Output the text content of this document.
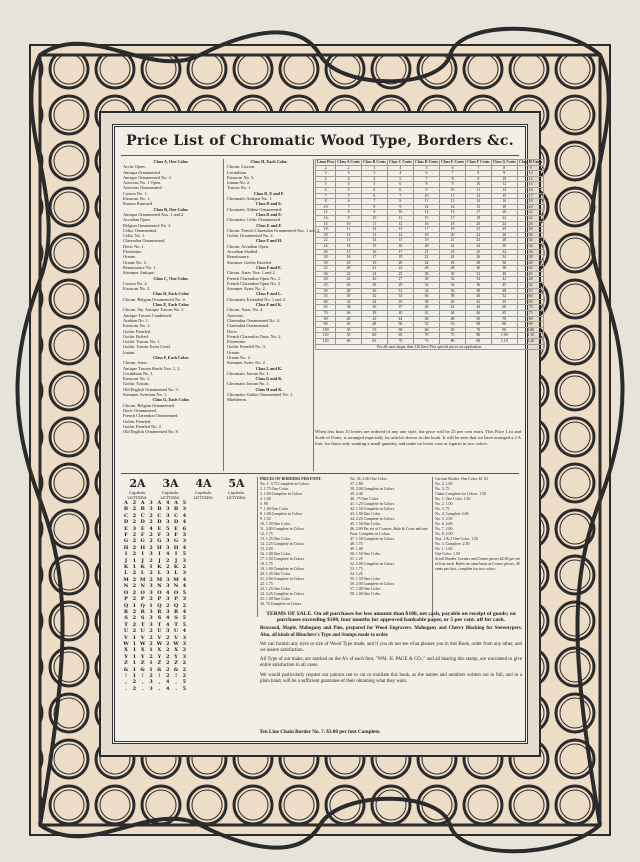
Price List of Chromatic Wood Type, Borders &c.
Class A, One Color.
Arctic Open.
Antiqua Ornamented.
Antique Ornamented No. 2.
Aztecian No. 1 Open.
Aztecian Ornamented.
Caxton No. 1.
Etruscan No. 1.
Roman Rimmed.
Class B, One Color.
Antiqua Ornamented Nos. 1 and 2.
Arcadian Open.
Belgian Ornamented No. 2.
Celtic Ornamented.
Celtic No. 1.
Clarendon Ornamented.
Doric No. 1.
Florentine.
Ornate.
Ornate No. 2.
Renaissance No. 1.
Streamer Antique.
Class C, One Color.
Caxton No. 2.
Etruscan No. 2.
Class D, Each Color.
Chrom. Belgian Ornamented No. 4.
Class E, Each Color.
Chrom. Sty. Antique Tuscan No. 2.
Antique Tuscan Condensed.
Arabian No. 1.
Etruscan No. 1.
Gothic Paneled.
Gothic Bolted.
Gothic Tuscan No. 1.
Gothic Tuscan Extra Cond.
Ionian.
Class F, Each Color.
Chrom. Aztec.
Antique Tuscan Shade Nos. 1, 2.
Corinthian No. 1.
Etruscan No. 1.
Gothic Tuscan.
Old English Ornamented No. 3.
Streamer Aztecian No. 1.
Class G, Each Color.
Chrom. Belgian Ornamented.
Doric Ornamented.
French Clarendon Ornamented.
Gothic Paneled.
Gothic Paneled No. 2.
Old English Ornamented No. 8.
Class H, Each Color.
Chrom. Caxton.
Corinthian.
Etruscan No. 3.
Ionian No. 2.
Tuscan No. 1.
Class D, E and F.
Chromatic Antique No. 1.
Class D and E.
Chromatic Aldine Ornamented.
Class D and E.
Chromatic Celtic Ornamented.
Class E and F.
Chrom. French Clarendon Ornamented Nos. 1 and 2.
Gothic Ornamented No. 2.
Class F and H.
Chrom. Arcadian Open.
Arcadian Shaded.
Renaissance.
Streamer Gothic Paneled.
Class F and E.
Chrom. Aztec Nos. 1 and 2.
French Clarendon Open No. 1.
French Clarendon Open No. 2.
Streamer Aztec No. 2.
Class F and L.
Chromatic Extended No. 1 and 2.
Class F and K.
Chrom. Aztec No. 4.
Aztecian.
Clarendon Ornamented No. 4.
Clarendon Ornamented.
Doric.
French Clarendon Orna. No. 2.
Florentine.
Gothic Paneled No. 3.
Ornate.
Ornate No. 2.
Streamer Aztec No. 2.
Class L and K.
Chromatic Ionian No. 1.
Class G and K.
Chromatic Ionian No. 1.
Class H and K.
Chromatic Gothic Ornamented No. 1.
Marbleeon.
Lines Pica	Class A Cents	Class B Cents	Class C Cents	Class D Cents	Class E Cents	Class F Cents	Class G Cents	Class H Cents
2	2	3	4	5	6	7	8	9
3	3	3	4	6	7	8	9	10
4	4	4	5	7	8	9	10	12
5	4	5	6	8	9	10	12	14
6	5	6	6	9	10	11	14	16
7	5	6	7	10	11	12	15	17
8	6	7	8	11	12	14	16	18
10	7	8	9	12	14	15	18	20
12	8	9	10	14	15	17	20	22
14	9	10	11	15	17	19	22	24
16	10	11	12	16	18	20	24	26
18	11	12	13	17	19	21	25	28
20	12	13	14	18	20	22	26	30
22	13	14	15	19	21	23	28	32
24	14	15	16	20	22	24	30	34
26	15	16	17	21	23	25	32	36
28	16	17	18	22	24	26	34	38
30	18	19	20	24	26	28	36	40
32	20	21	22	26	28	30	38	42
36	22	24	25	28	30	32	40	45
40	24	26	27	30	32	34	42	48
45	26	28	29	32	34	36	45	52
50	28	30	31	34	36	38	48	55
55	30	32	33	36	38	40	52	60
60	32	34	35	38	40	42	55	65
65	34	36	37	40	42	44	60	70
70	36	38	40	42	44	46	65	75
80	40	42	44	46	48	50	70	80
90	45	48	50	52	55	58	80	90
100	50	55	58	60	65	70	90	1.00
110	55	60	65	70	75	80	1.00	1.10
120	60	65	70	75	80	90	1.10	1.20
For all sizes larger than 120 lines Pica special prices on application.								
When less than 15 letters are ordered of any one style, the price will be 25 per cent extra. This Price List and Scale of Fonts, is arranged especially for articles shown in this book. It will be seen that we have arranged a 2 A font, for those only wanting a small quantity, and make no lower case or figures in two colors.
2A	3A	4A	5A
Capitals. LETTERS.
Capitals. LETTERS.
Capitals. LETTERS.
Capitals. LETTERS.
A 2 A 3 A 4 A 5
B 2 B 3 B 3 B 3
C 2 C 2 C 3 C 4
D 2 D 2 D 3 D 4
E 3 E 4 E 5 E 6
F 2 F 2 F 3 F 3
G 2 G 2 G 3 G 3
H 2 H 2 H 3 H 4
I	2	I	3	I	4	I	5
J	1	J	2	J	2	J	3
K 1 K 1 K 2 K 2
L 2 L 2 L 3 L 3
M 2 M 2 M 3 M 4
N 2 N 3 N 3 N 4
O 2 O 3 O 4 O 5
P 2 P 2 P 3 P 3
Q 1 Q 1 Q 2 Q 2
R 2 R 3 R 3 R 4
S 2 S 3 S 4 S 5
T 2 T 3 T 4 T 5
U 2 U 2 U 3 U 4
V 1 V 2 V 2 V 3
W 1 W 2 W 2 W 3
X 1 X 1 X 2 X 2
Y 1 Y 2 Y 2 Y 3
Z 1 Z 1 Z 2 Z 2
& 1 & 1 & 2 & 2
!	1	!	2	!	2	!	2
,	2	,	3	,	4	,	5
.	2	.	3	.	4	.	5
PRICES OF BORDERS PER FOOT.
No. 1. 3.75 Complete in Colors.
2. 1.75 One Color.
3. 1.00 Complete in Colors.
4. 1.00
5. 90
7. 1.00 One Color.
8. 1.00 Complete in Colors.
9. 1.50
10. 1.50 One Color.
11. 2.00 Complete in Colors.
12. 1.75
13. 1.25 One Color.
14. 2.25 Complete in Colors.
15. 2.00
16. 1.00 One Color.
17. 1.50 Complete in Colors.
18. 1.75
19. 1.00 Complete in Colors.
20. 1.25 One Color.
21. 2.00 Complete in Colors.
22. 1.75
23. 1.25 One Color.
24. 2.25 Complete in Colors.
25. 1.50 One Color.
26. 75 Complete in Colors.
No. 36. 2.00 One Color.
37. 1.80
38. 2.00 Complete in Colors.
39. 2.40
40. .75 One Color.
41. 1.25 Complete in Colors.
42. 1.50 Complete in Colors.
43. 1.00 One Color.
44. 2.25 Complete in Colors.
45. 1.50 One Color.
46. 2.00 Per set of Corners, Rule & Cross and one Foot, Complete in Colors.
47. 1.50 Complete in Colors.
48. 1.75
49. 1.00
50. 1.50 One Color.
51. 1.25
52. 2.00 Complete in Colors.
53. 1.75
54. 1.25
55. 1.50 One Color.
56. 2.00 Complete in Colors.
57. 1.00 One Color.
58. 1.00 One Color.
Grecian Border. One Color. $1.50
No. 2, 1.00
No. 3, 75
Chain Complete for Colors. 1.50
No. 1, One Color. 1.50
No. 2, 1.00
No. 3, 75
No. 4, Complete 2.00
No. 5, 2.50
No. 6, 2.00
No. 7, 2.00
No. 8, 2.00
Nos. 1 & 2 One Color. 1.50
No. 3, Complete. 2.50
No. 1, 1.00
One Color. 1.50
Scroll Border. Corners and Centre pieces $2.00 per set of four each. Rules on same basis as Corner pieces, 40 cents per foot, complete for two colors.

TERMS OF SALE. On all purchases for less amount than $100, net cash, payable on receipt of goods; on purchases exceeding $100, four months for approved bankable paper, or 5 per cent. off for cash.

Boxwood, Maple, Mahogany and Pine, prepared for Wood Engravers. Mahogany and Cherry Blocking for Stereotypers. Also, all kinds of Bleachers's Type and Stamps made to order.

We can furnish any style or size of Wood Type made, and if you do not see what pleases you in this Book, order from any other, and we assure satisfaction.

All Type of our make, are marked on the A's of each font, "WM. H. PAGE & CO.," and all bearing this stamp, are warranted to give entire satisfaction in all cases.

We would particularly request our patrons not to cut or mutilate this book, as the names and numbers written out in full, and in a plain hand, will be a sufficient guarantee of their obtaining what they want.

Ten Line Chain Border No. 7. $3.00 per foot Complete.
